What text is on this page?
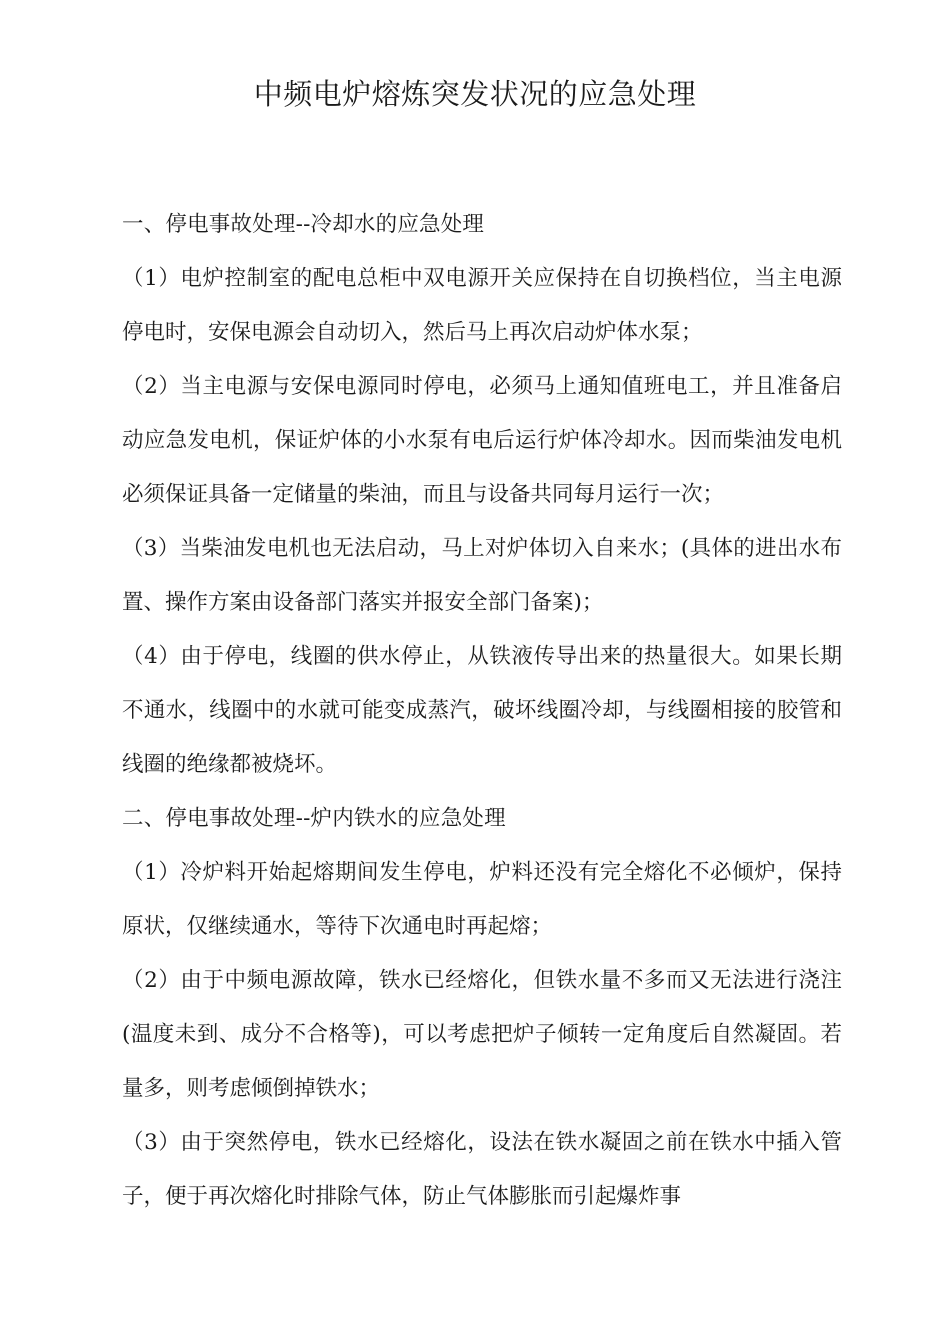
中频电炉熔炼突发状况的应急处理

一、停电事故处理--冷却水的应急处理

（1）电炉控制室的配电总柜中双电源开关应保持在自切换档位，当主电源停电时，安保电源会自动切入，然后马上再次启动炉体水泵；

（2）当主电源与安保电源同时停电，必须马上通知值班电工，并且准备启动应急发电机，保证炉体的小水泵有电后运行炉体冷却水。因而柴油发电机必须保证具备一定储量的柴油，而且与设备共同每月运行一次；

（3）当柴油发电机也无法启动，马上对炉体切入自来水；(具体的进出水布置、操作方案由设备部门落实并报安全部门备案)；

（4）由于停电，线圈的供水停止，从铁液传导出来的热量很大。如果长期不通水，线圈中的水就可能变成蒸汽，破坏线圈冷却，与线圈相接的胶管和线圈的绝缘都被烧坏。

二、停电事故处理--炉内铁水的应急处理

（1）冷炉料开始起熔期间发生停电，炉料还没有完全熔化不必倾炉，保持原状，仅继续通水，等待下次通电时再起熔；

（2）由于中频电源故障，铁水已经熔化，但铁水量不多而又无法进行浇注(温度未到、成分不合格等)，可以考虑把炉子倾转一定角度后自然凝固。若量多，则考虑倾倒掉铁水；

（3）由于突然停电，铁水已经熔化，设法在铁水凝固之前在铁水中插入管子，便于再次熔化时排除气体，防止气体膨胀而引起爆炸事
